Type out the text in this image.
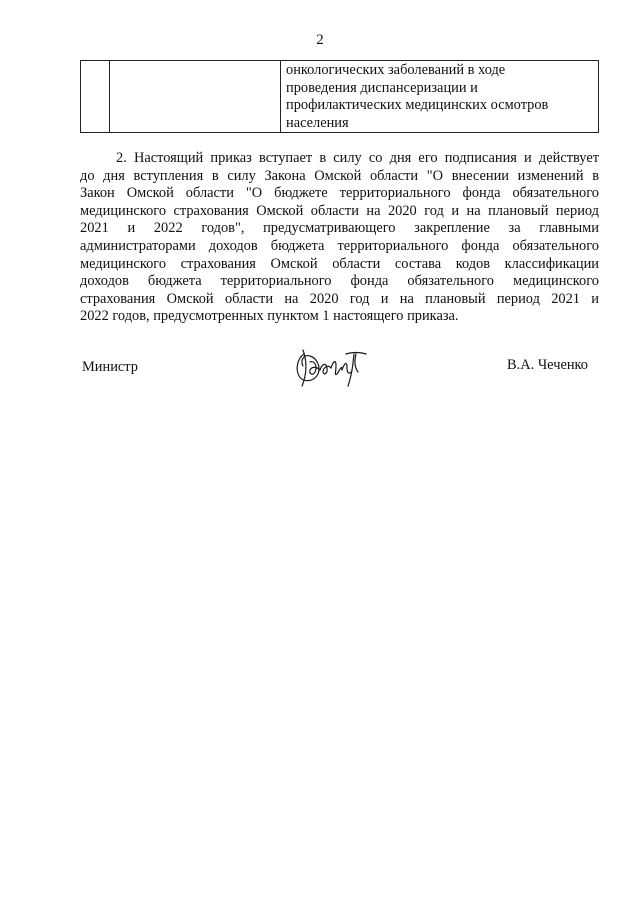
2

онкологических заболеваний в ходе
проведения диспансеризации и
профилактических медицинских осмотров
населения
2. Настоящий приказ вступает в силу со дня его подписания и действует
до дня вступления в силу Закона Омской области "О внесении изменений в
Закон Омской области "О бюджете территориального фонда обязательного
медицинского страхования Омской области на 2020 год и на плановый период
2021 и 2022 годов", предусматривающего закрепление за главными
администраторами доходов бюджета территориального фонда обязательного
медицинского страхования Омской области состава кодов классификации
доходов бюджета территориального фонда обязательного медицинского
страхования Омской области на 2020 год и на плановый период 2021 и
2022 годов, предусмотренных пунктом 1 настоящего приказа.
Министр	В.А. Чеченко
